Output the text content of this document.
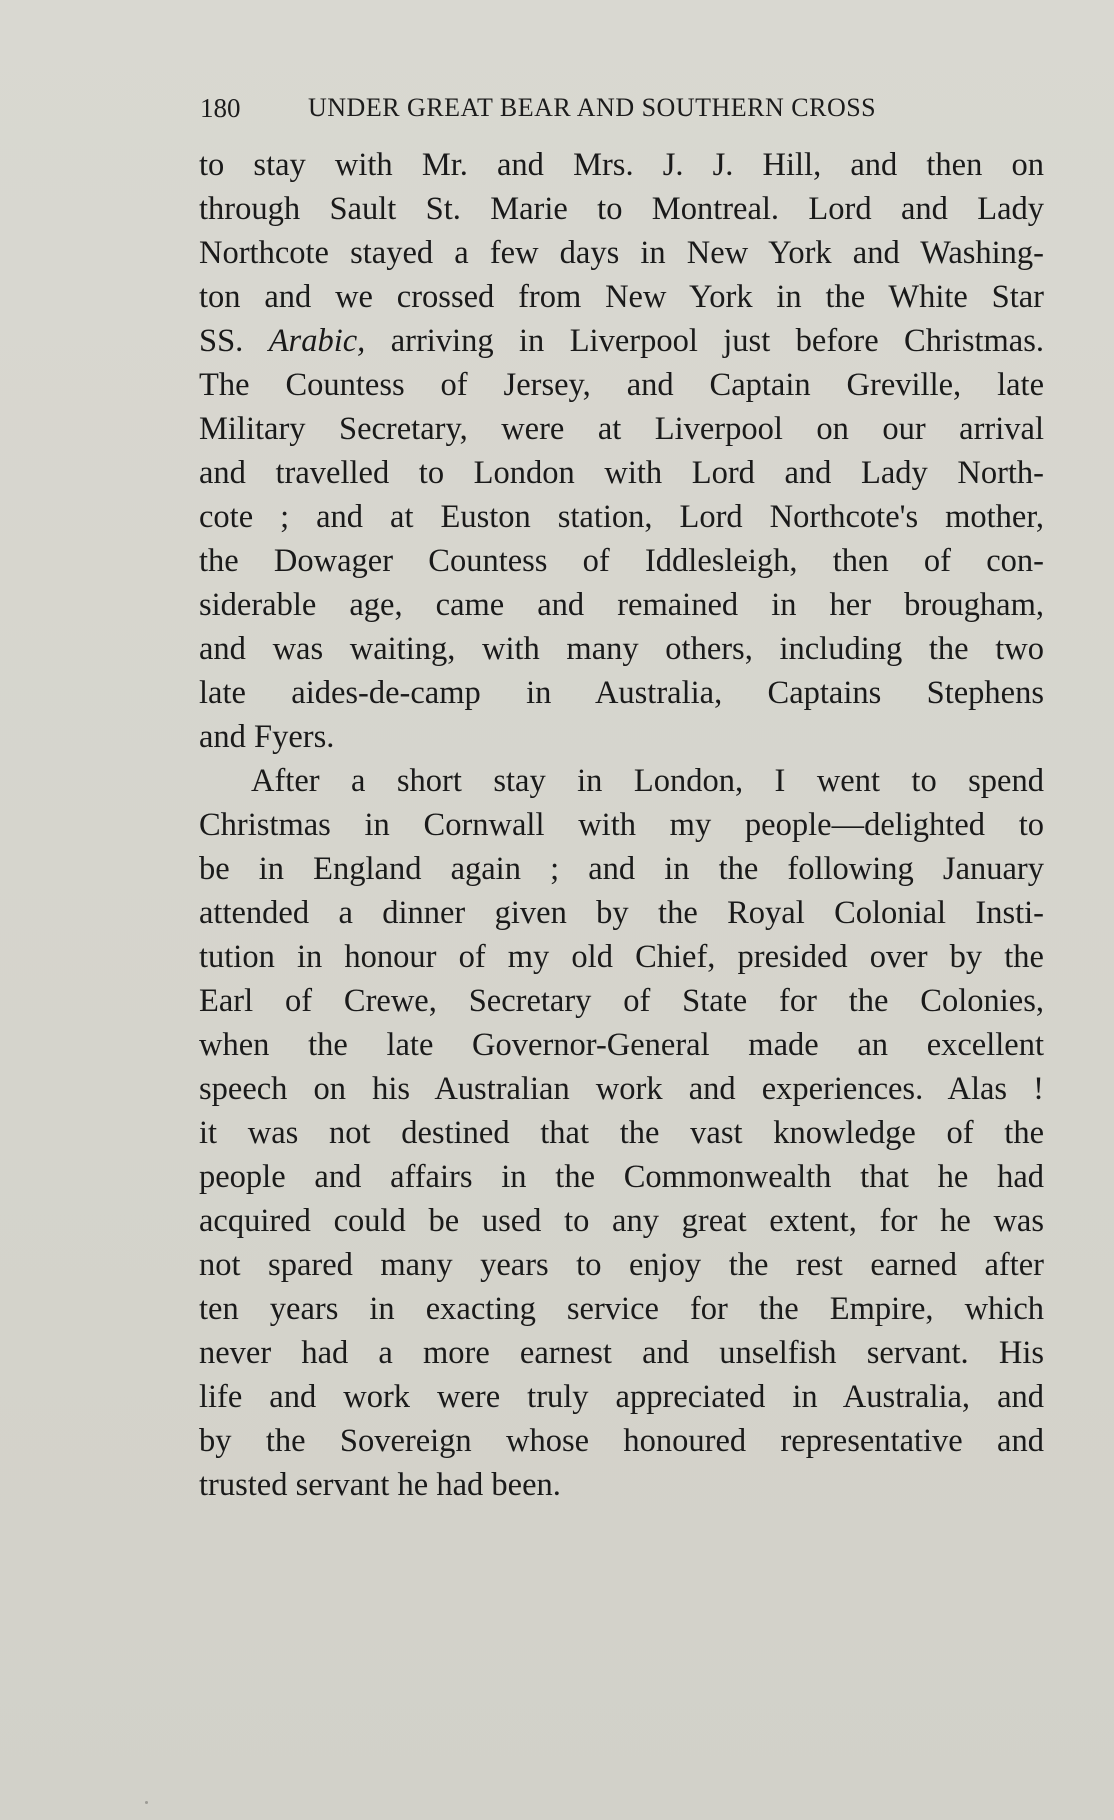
180	UNDER GREAT BEAR AND SOUTHERN CROSS
to stay with Mr. and Mrs. J. J. Hill, and then on
through Sault St. Marie to Montreal. Lord and Lady
Northcote stayed a few days in New York and Washing-
ton and we crossed from New York in the White Star
SS. Arabic, arriving in Liverpool just before Christmas.
The Countess of Jersey, and Captain Greville, late
Military Secretary, were at Liverpool on our arrival
and travelled to London with Lord and Lady North-
cote ; and at Euston station, Lord Northcote's mother,
the Dowager Countess of Iddlesleigh, then of con-
siderable age, came and remained in her brougham,
and was waiting, with many others, including the two
late aides-de-camp in Australia, Captains Stephens
and Fyers.
After a short stay in London, I went to spend
Christmas in Cornwall with my people—delighted to
be in England again ; and in the following January
attended a dinner given by the Royal Colonial Insti-
tution in honour of my old Chief, presided over by the
Earl of Crewe, Secretary of State for the Colonies,
when the late Governor-General made an excellent
speech on his Australian work and experiences. Alas !
it was not destined that the vast knowledge of the
people and affairs in the Commonwealth that he had
acquired could be used to any great extent, for he was
not spared many years to enjoy the rest earned after
ten years in exacting service for the Empire, which
never had a more earnest and unselfish servant. His
life and work were truly appreciated in Australia, and
by the Sovereign whose honoured representative and
trusted servant he had been.
